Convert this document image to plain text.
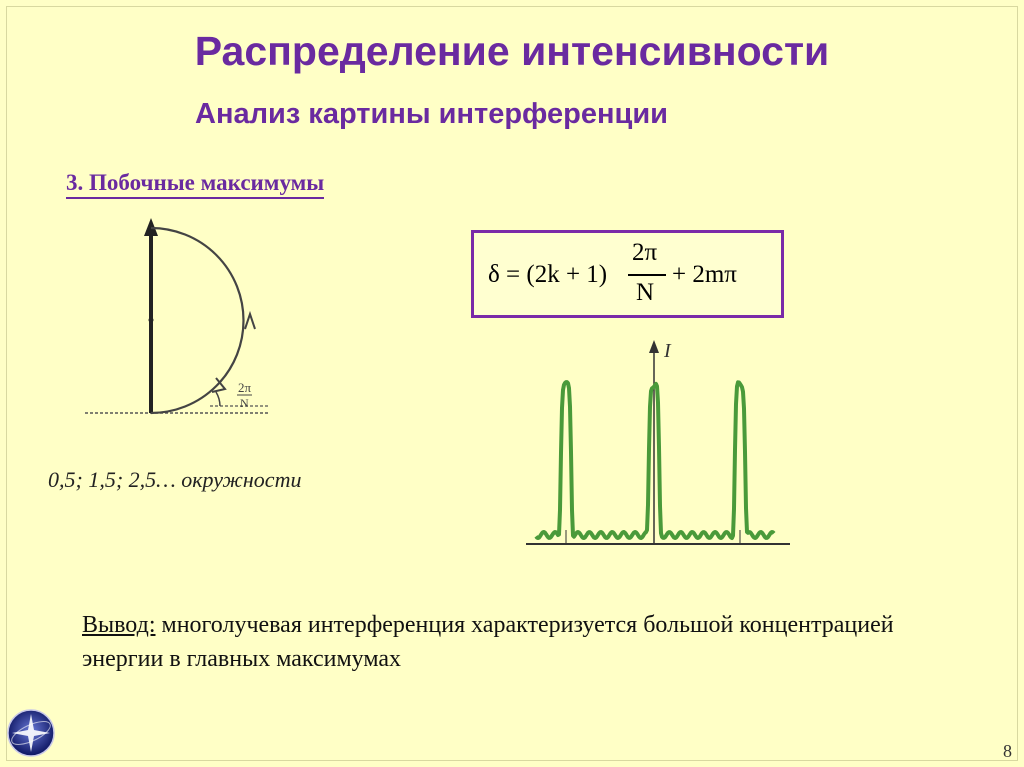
Распределение интенсивности
Анализ картины интерференции
3. Побочные максимумы
δ = (2k + 1)
2π
N
+ 2mπ
2π
N
0,5; 1,5; 2,5… окружности
I
Вывод: многолучевая интерференция характеризуется большой концентрацией энергии в главных максимумах
8
